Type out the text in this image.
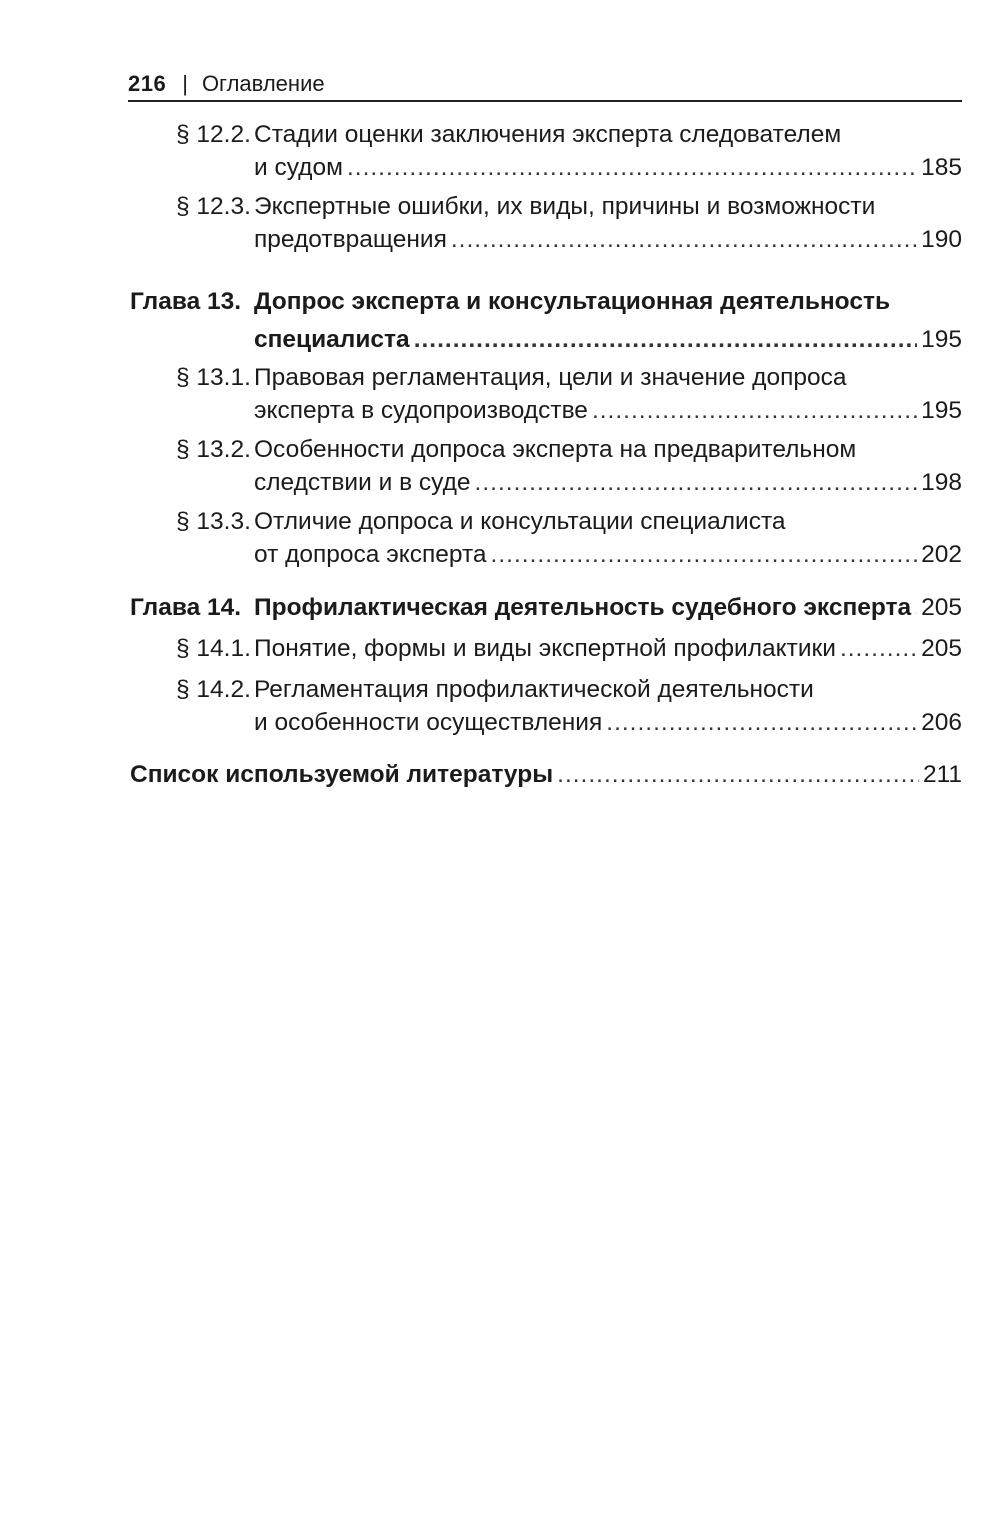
216 | Оглавление
§ 12.2. Стадии оценки заключения эксперта следователем
и судом .....	185
§ 12.3. Экспертные ошибки, их виды, причины и возможности
предотвращения .....	190
Глава 13. Допрос эксперта и консультационная деятельность
специалиста .....	195
§ 13.1. Правовая регламентация, цели и значение допроса
эксперта в судопроизводстве .....	195
§ 13.2. Особенности допроса эксперта на предварительном
следствии и в суде .....	198
§ 13.3. Отличие допроса и консультации специалиста
от допроса эксперта .....	202
Глава 14. Профилактическая деятельность судебного эксперта ..... 205
§ 14.1. Понятие, формы и виды экспертной профилактики .....	205
§ 14.2. Регламентация профилактической деятельности
и особенности осуществления .....	206
Список используемой литературы .....	211
